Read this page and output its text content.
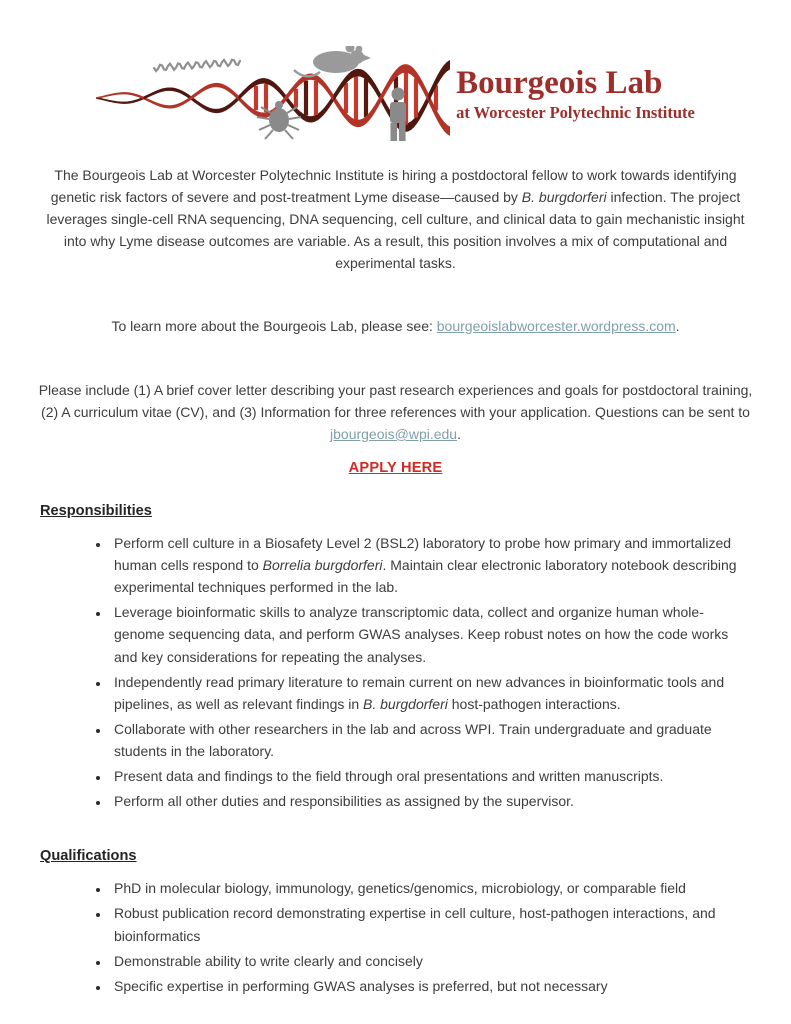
Bourgeois Lab
at Worcester Polytechnic Institute

The Bourgeois Lab at Worcester Polytechnic Institute is hiring a postdoctoral fellow to work towards identifying genetic risk factors of severe and post-treatment Lyme disease—caused by B. burgdorferi infection. The project leverages single-cell RNA sequencing, DNA sequencing, cell culture, and clinical data to gain mechanistic insight into why Lyme disease outcomes are variable. As a result, this position involves a mix of computational and experimental tasks.

To learn more about the Bourgeois Lab, please see: bourgeoislabworcester.wordpress.com.

Please include (1) A brief cover letter describing your past research experiences and goals for postdoctoral training, (2) A curriculum vitae (CV), and (3) Information for three references with your application. Questions can be sent to jbourgeois@wpi.edu.

APPLY HERE
Responsibilities
• Perform cell culture in a Biosafety Level 2 (BSL2) laboratory to probe how primary and immortalized human cells respond to Borrelia burgdorferi. Maintain clear electronic laboratory notebook describing experimental techniques performed in the lab.
• Leverage bioinformatic skills to analyze transcriptomic data, collect and organize human whole-genome sequencing data, and perform GWAS analyses. Keep robust notes on how the code works and key considerations for repeating the analyses.
• Independently read primary literature to remain current on new advances in bioinformatic tools and pipelines, as well as relevant findings in B. burgdorferi host-pathogen interactions.
• Collaborate with other researchers in the lab and across WPI. Train undergraduate and graduate students in the laboratory.
• Present data and findings to the field through oral presentations and written manuscripts.
• Perform all other duties and responsibilities as assigned by the supervisor.
Qualifications
• PhD in molecular biology, immunology, genetics/genomics, microbiology, or comparable field
• Robust publication record demonstrating expertise in cell culture, host-pathogen interactions, and bioinformatics
• Demonstrable ability to write clearly and concisely
• Specific expertise in performing GWAS analyses is preferred, but not necessary
